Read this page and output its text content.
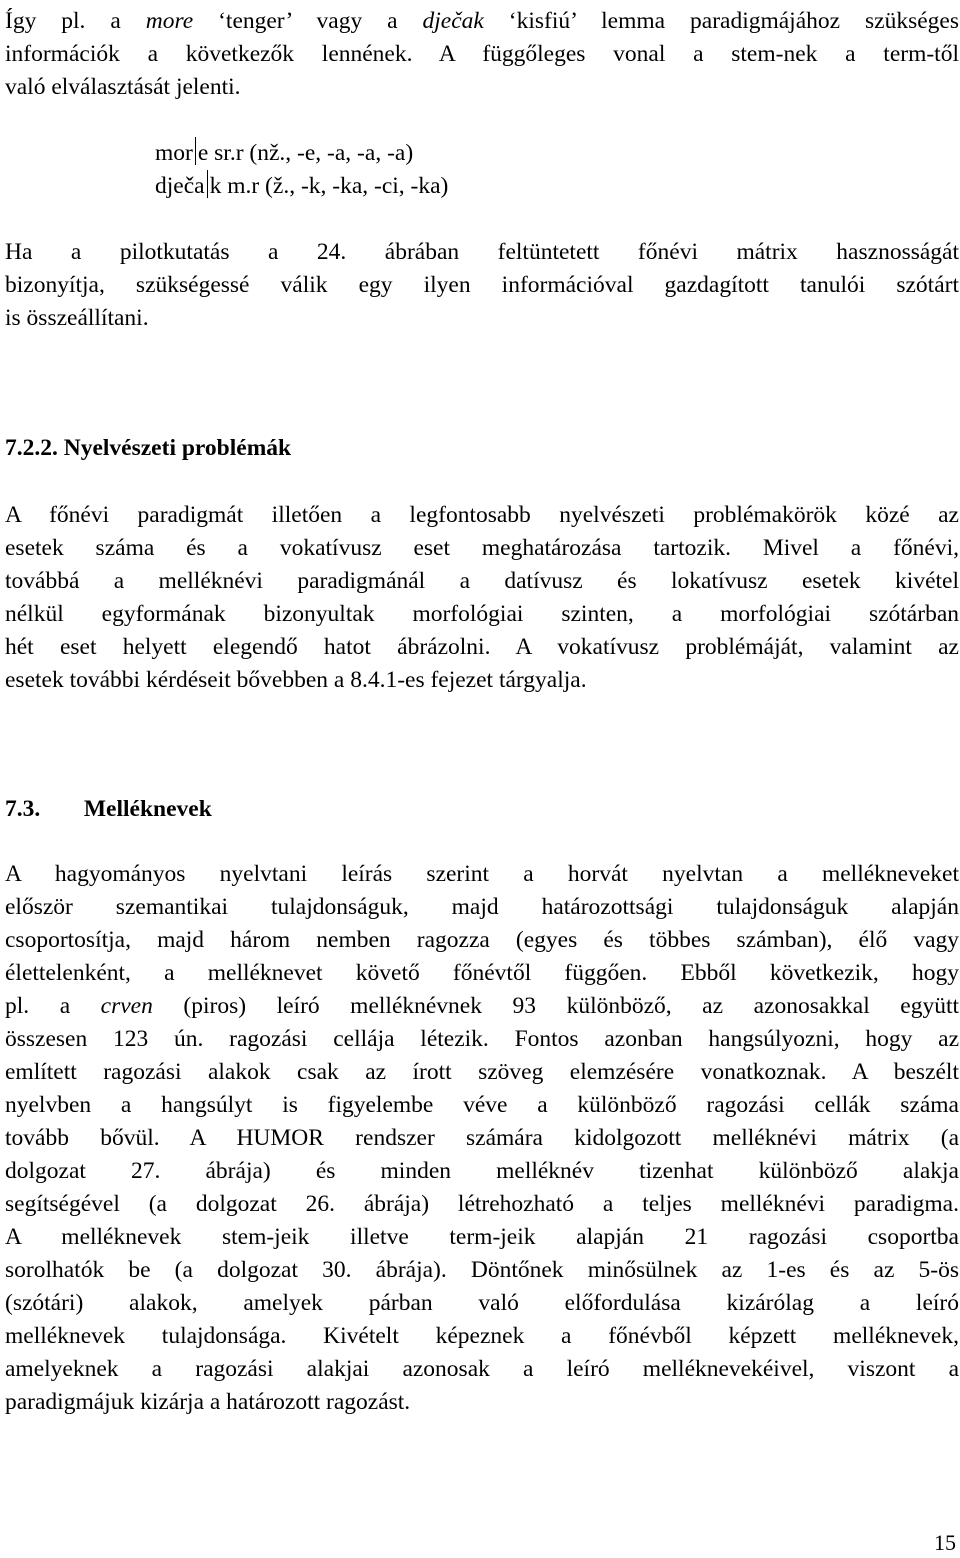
Így pl. a more ‘tenger’ vagy a dječak ‘kisfiú’ lemma paradigmájához szükséges
információk a következők lennének. A függőleges vonal a stem-nek a term-től
való elválasztását jelenti.
mor e sr.r (nž., -e, -a, -a, -a)
dječa k m.r (ž., -k, -ka, -ci, -ka)
Ha a pilotkutatás a 24. ábrában feltüntetett főnévi mátrix hasznosságát
bizonyítja, szükségessé válik egy ilyen információval gazdagított tanulói szótárt
is összeállítani.
7.2.2. Nyelvészeti problémák
A főnévi paradigmát illetően a legfontosabb nyelvészeti problémakörök közé az
esetek száma és a vokatívusz eset meghatározása tartozik. Mivel a főnévi,
továbbá a melléknévi paradigmánál a datívusz és lokatívusz esetek kivétel
nélkül egyformának bizonyultak morfológiai szinten, a morfológiai szótárban
hét eset helyett elegendő hatot ábrázolni. A vokatívusz problémáját, valamint az
esetek további kérdéseit bővebben a 8.4.1-es fejezet tárgyalja.
7.3. Melléknevek
A hagyományos nyelvtani leírás szerint a horvát nyelvtan a mellékneveket
először szemantikai tulajdonságuk, majd határozottsági tulajdonságuk alapján
csoportosítja, majd három nemben ragozza (egyes és többes számban), élő vagy
élettelenként, a melléknevet követő főnévtől függően. Ebből következik, hogy
pl. a crven (piros) leíró melléknévnek 93 különböző, az azonosakkal együtt
összesen 123 ún. ragozási cellája létezik. Fontos azonban hangsúlyozni, hogy az
említett ragozási alakok csak az írott szöveg elemzésére vonatkoznak. A beszélt
nyelvben a hangsúlyt is figyelembe véve a különböző ragozási cellák száma
tovább bővül. A HUMOR rendszer számára kidolgozott melléknévi mátrix (a
dolgozat 27. ábrája) és minden melléknév tizenhat különböző alakja
segítségével (a dolgozat 26. ábrája) létrehozható a teljes melléknévi paradigma.
A melléknevek stem-jeik illetve term-jeik alapján 21 ragozási csoportba
sorolhatók be (a dolgozat 30. ábrája). Döntőnek minősülnek az 1-es és az 5-ös
(szótári) alakok, amelyek párban való előfordulása kizárólag a leíró
melléknevek tulajdonsága. Kivételt képeznek a főnévből képzett melléknevek,
amelyeknek a ragozási alakjai azonosak a leíró melléknevekéivel, viszont a
paradigmájuk kizárja a határozott ragozást.
15
